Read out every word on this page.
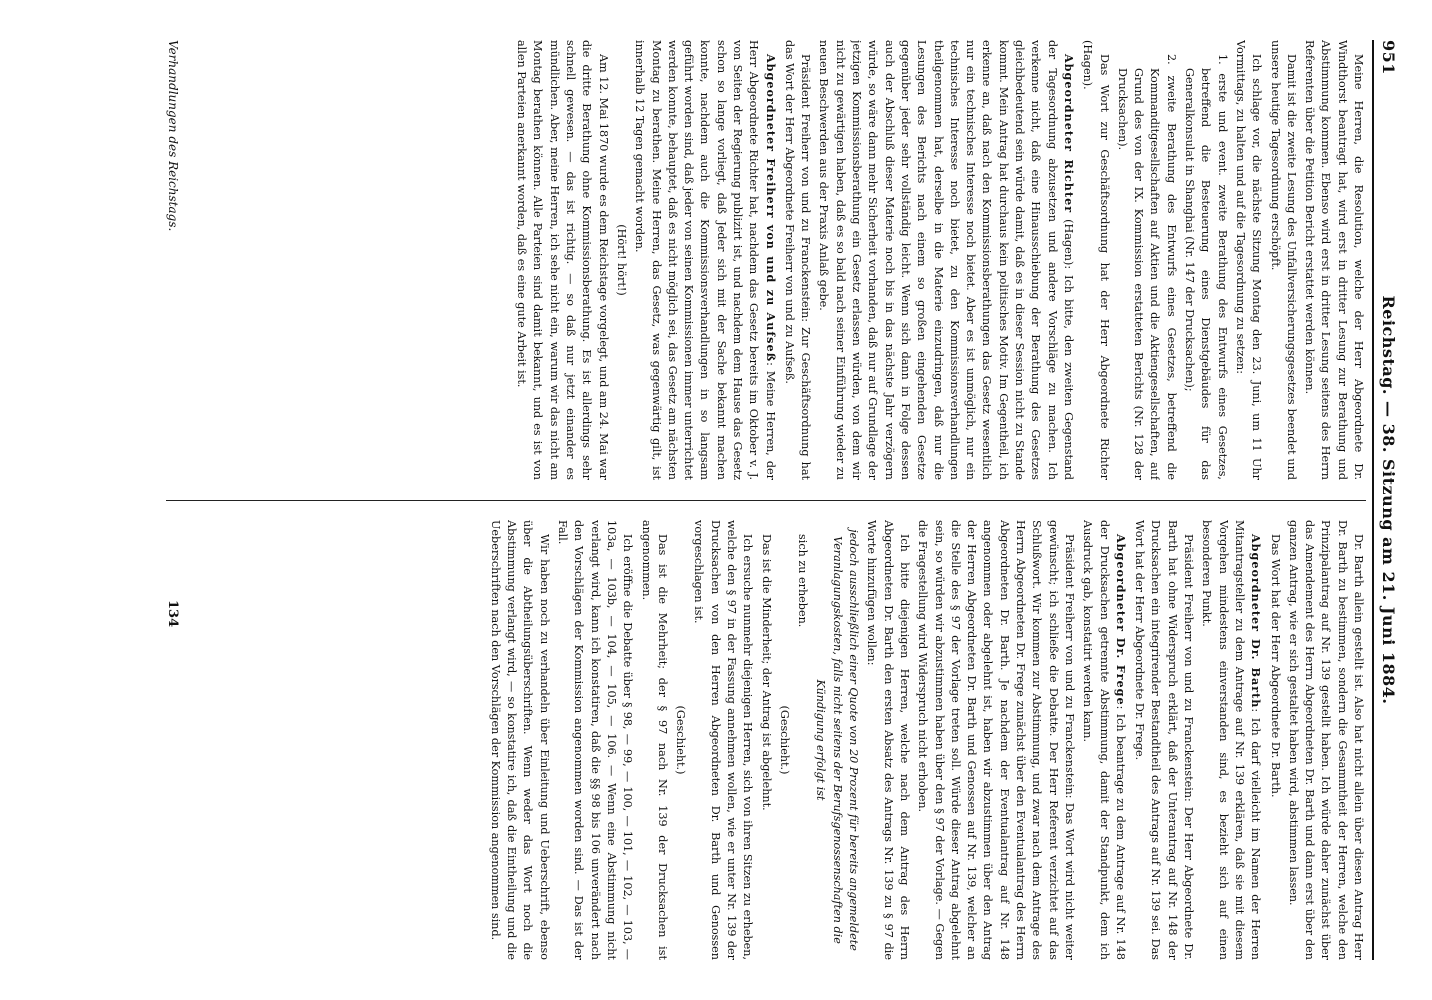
951
Reichstag. — 38. Sitzung am 21. Juni 1884.

Meine Herren, die Resolution, welche der Herr Abgeordnete Dr. Windthorst beantragt hat, wird erst in dritter Lesung zur Berathung und Abstimmung kommen. Ebenso wird erst in dritter Lesung seitens des Herrn Referenten über die Petition Bericht erstattet werden können.

Damit ist die zweite Lesung des Unfallversicherungsgesetzes beendet und unsere heutige Tagesordnung erschöpft.

Ich schlage vor, die nächste Sitzung Montag den 23. Juni, um 11 Uhr Vormittags, zu halten und auf die Tagesordnung zu setzen:

1. erste und event. zweite Berathung des Entwurfs eines Gesetzes, betreffend die Besteuerung eines Dienstgebäudes für das Generalkonsulat in Shanghai (Nr. 147 der Drucksachen);

2. zweite Berathung des Entwurfs eines Gesetzes, betreffend die Kommanditgesellschaften auf Aktien und die Aktiengesellschaften, auf Grund des von der IX. Kommission erstatteten Berichts (Nr. 128 der Drucksachen).

Das Wort zur Geschäftsordnung hat der Herr Abgeordnete Richter (Hagen).

Abgeordneter Richter (Hagen): Ich bitte, den zweiten Gegenstand der Tagesordnung abzusetzen und andere Vorschläge zu machen. Ich verkenne nicht, daß eine Hinausschiebung der Berathung des Gesetzes gleichbedeutend sein würde damit, daß es in dieser Session nicht zu Stande kommt. Mein Antrag hat durchaus kein politisches Motiv. Im Gegentheil, ich erkenne an, daß nach den Kommissionsberathungen das Gesetz wesentlich nur ein technisches Interesse noch bietet. Aber es ist unmöglich, nur ein technisches Interesse noch bietet, zu den Kommissionsverhandlungen theilgenommen hat, derselbe in die Materie einzudringen, daß nur die Lesungen des Berichts nach einem so großen eingehenden Gesetze gegenüber jeder sehr vollständig leicht. Wenn sich dann in Folge dessen auch der Abschluß dieser Materie noch bis in das nächste Jahr verzögern würde, so wäre dann mehr Sicherheit vorhanden, daß nur auf Grundlage der jetzigen Kommissionsberathung ein Gesetz erlassen würden, von dem wir nicht zu gewärtigen haben, daß es so bald nach seiner Einführung wieder zu neuen Beschwerden aus der Praxis Anlaß gebe.

Präsident Freiherr von und zu Franckenstein: Zur Geschäftsordnung hat das Wort der Herr Abgeordnete Freiherr von und zu Aufseß.

Abgeordneter Freiherr von und zu Aufseß: Meine Herren, der Herr Abgeordnete Richter hat, nachdem das Gesetz bereits im Oktober v. J. von Seiten der Regierung publizirt ist, und nachdem dem Hause das Gesetz schon so lange vorliegt, daß Jeder sich mit der Sache bekannt machen konnte, nachdem auch die Kommissionsverhandlungen in so langsam geführt worden sind, daß jeder von seinen Kommissionen immer unterrichtet werden konnte, behauptet, daß es nicht möglich sei, das Gesetz am nächsten Montag zu berathen. Meine Herren, das Gesetz, was gegenwärtig gilt, ist innerhalb 12 Tagen gemacht worden.

(Hört! hört!)

Am 12. Mai 1870 wurde es dem Reichstage vorgelegt, und am 24. Mai war die dritte Berathung ohne Kommissionsberathung. Es ist allerdings sehr schnell gewesen. — das ist richtig. — so daß nur jetzt einander es mündlichen. Aber, meine Herren, ich sehe nicht ein, warum wir das nicht am Montag berathen können. Alle Parteien sind damit bekannt, und es ist von allen Parteien anerkannt worden, daß es eine gute Arbeit ist.

Dr. Barth allein gestellt ist. Also hat nicht allein über diesen Antrag Herr Dr. Barth zu bestimmen, sondern die Gesammtheit der Herren, welche den Prinzipalantrag auf Nr. 139 gestellt haben. Ich würde daher zunächst über das Amendement des Herrn Abgeordneten Dr. Barth und dann erst über den ganzen Antrag, wie er sich gestaltet haben wird, abstimmen lassen.

Das Wort hat der Herr Abgeordnete Dr. Barth.

Abgeordneter Dr. Barth: Ich darf vielleicht im Namen der Herren Mitantragsteller zu dem Antrage auf Nr. 139 erklären, daß sie mit diesem Vorgehen mindestens einverstanden sind, es bezieht sich auf einen besonderen Punkt.

Präsident Freiherr von und zu Franckenstein: Der Herr Abgeordnete Dr. Barth hat ohne Widerspruch erklärt, daß der Unterantrag auf Nr. 148 der Drucksachen ein integrirender Bestandtheil des Antrags auf Nr. 139 sei. Das Wort hat der Herr Abgeordnete Dr. Frege.

Abgeordneter Dr. Frege: Ich beantrage zu dem Antrage auf Nr. 148 der Drucksachen getrennte Abstimmung, damit der Standpunkt, dem ich Ausdruck gab, konstatirt werden kann.

Präsident Freiherr von und zu Franckenstein: Das Wort wird nicht weiter gewünscht; ich schließe die Debatte. Der Herr Referent verzichtet auf das Schlußwort. Wir kommen zur Abstimmung, und zwar nach dem Antrage des Herrn Abgeordneten Dr. Frege zunächst über den Eventualantrag des Herrn Abgeordneten Dr. Barth. Je nachdem der Eventualantrag auf Nr. 148 angenommen oder abgelehnt ist, haben wir abzustimmen über den Antrag der Herren Abgeordneten Dr. Barth und Genossen auf Nr. 139, welcher an die Stelle des § 97 der Vorlage treten soll. Würde dieser Antrag abgelehnt sein, so würden wir abzustimmen haben über den § 97 der Vorlage. — Gegen die Fragestellung wird Widerspruch nicht erhoben.

Ich bitte diejenigen Herren, welche nach dem Antrag des Herrn Abgeordneten Dr. Barth den ersten Absatz des Antrags Nr. 139 zu § 97 die Worte hinzufügen wollen:

jedoch ausschließlich einer Quote von 20 Prozent für bereits angemeldete Veranlagungskosten, falls nicht seitens der Berufsgenossenschaften die Kündigung erfolgt ist

sich zu erheben.

(Geschieht.)

Das ist die Minderheit; der Antrag ist abgelehnt.

Ich ersuche nunmehr diejenigen Herren, sich von ihren Sitzen zu erheben, welche den § 97 in der Fassung annehmen wollen, wie er unter Nr. 139 der Drucksachen von den Herren Abgeordneten Dr. Barth und Genossen vorgeschlagen ist.

(Geschieht.)

Das ist die Mehrheit; der § 97 nach Nr. 139 der Drucksachen ist angenommen.

Ich eröffne die Debatte über § 98, — 99, — 100, — 101, — 102, — 103, — 103a, — 103b, — 104, — 105, — 106. — Wenn eine Abstimmung nicht verlangt wird, kann ich konstatiren, daß die §§ 98 bis 106 unverändert nach den Vorschlägen der Kommission angenommen worden sind. — Das ist der Fall.

Wir haben noch zu verhandeln über Einleitung und Ueberschrift, ebenso über die Abtheilungsüberschriften. Wenn weder das Wort noch die Abstimmung verlangt wird, — so konstatire ich, daß die Eintheilung und die Ueberschriften nach den Vorschlägen der Kommission angenommen sind.

Verhandlungen des Reichstags.
134
